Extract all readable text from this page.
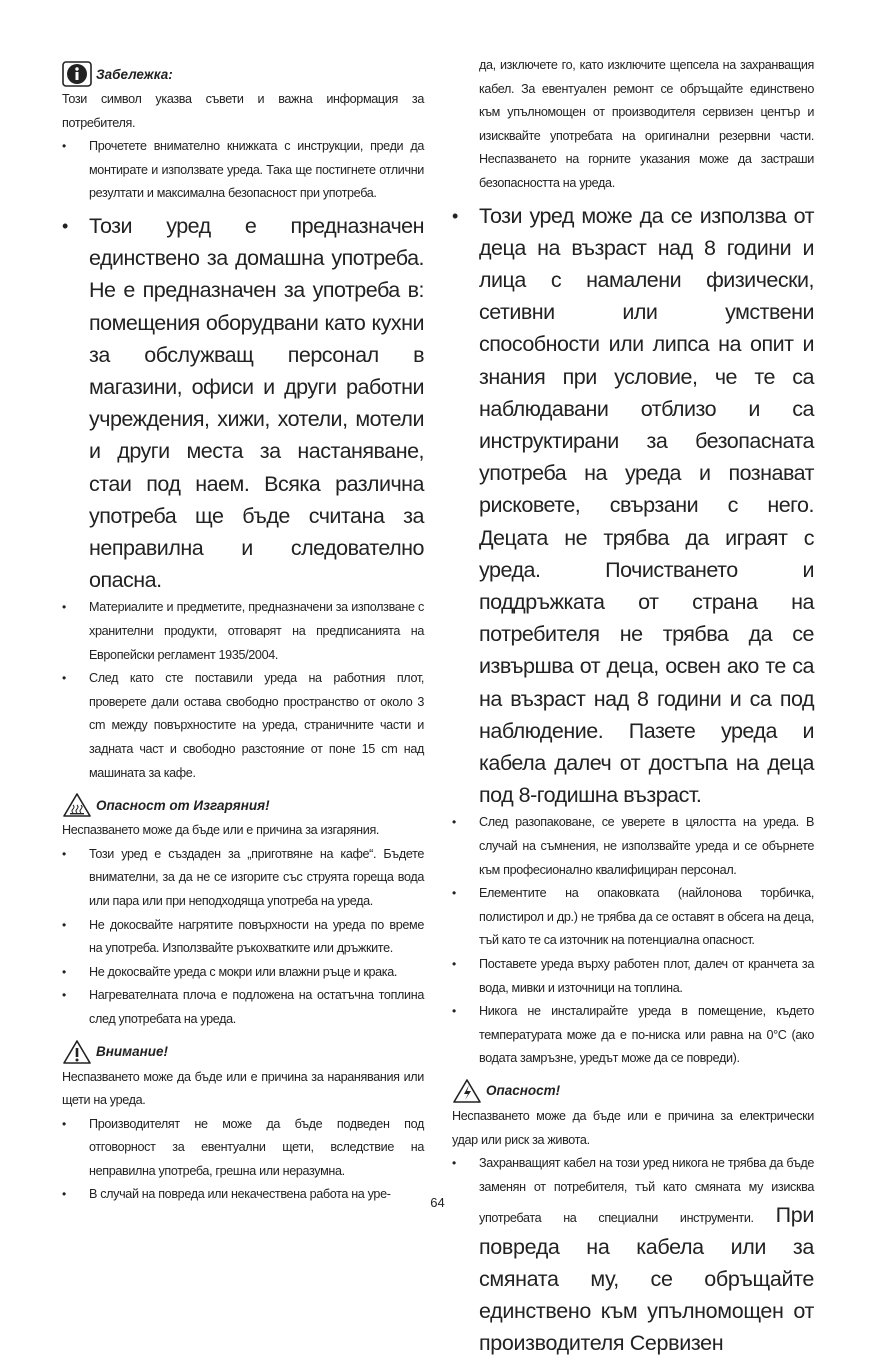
Забележка:

Този символ указва съвети и важна информация за потребителя.

• Прочетете внимателно книжката с инструкции, преди да монтирате и използвате уреда. Така ще постигнете отлични резултати и максимална безопасност при употреба.
• Този уред е предназначен единствено за домашна употреба. Не е предназначен за употреба в: помещения оборудвани като кухни за обслужващ персонал в магазини, офиси и други работни учреждения, хижи, хотели, мотели и други места за настаняване, стаи под наем. Всяка различна употреба ще бъде считана за неправилна и следователно опасна.
• Материалите и предметите, предназначени за използване с хранителни продукти, отговарят на предписанията на Европейски регламент 1935/2004.
• След като сте поставили уреда на работния плот, проверете дали остава свободно пространство от около 3 cm между повърхностите на уреда, страничните части и задната част и свободно разстояние от поне 15 cm над машината за кафе.
Опасност от Изгаряния!

Неспазването може да бъде или е причина за изгаряния.

• Този уред е създаден за „приготвяне на кафе“. Бъдете внимателни, за да не се изгорите със струята гореща вода или пара или при неподходяща употреба на уреда.
• Не докосвайте нагрятите повърхности на уреда по време на употреба. Използвайте ръкохватките или дръжките.
• Не докосвайте уреда с мокри или влажни ръце и крака.
• Нагревателната плоча е подложена на остатъчна топлина след употребата на уреда.
Внимание!

Неспазването може да бъде или е причина за наранявания или щети на уреда.

• Производителят не може да бъде подведен под отговорност за евентуални щети, вследствие на неправилна употреба, грешна или неразумна.
• В случай на повреда или некачествена работа на уре-

да, изключете го, като изключите щепсела на захранващия кабел. За евентуален ремонт се обръщайте единствено към упълномощен от производителя сервизен център и изисквайте употребата на оригинални резервни части. Неспазването на горните указания може да застраши безопасността на уреда.

• Този уред може да се използва от деца на възраст над 8 години и лица с намалени физически, сетивни или умствени способности или липса на опит и знания при условие, че те са наблюдавани отблизо и са инструктирани за безопасната употреба на уреда и познават рисковете, свързани с него. Децата не трябва да играят с уреда. Почистването и поддръжката от страна на потребителя не трябва да се извършва от деца, освен ако те са на възраст над 8 години и са под наблюдение. Пазете уреда и кабела далеч от достъпа на деца под 8-годишна възраст.
• След разопаковане, се уверете в цялостта на уреда. В случай на съмнения, не използвайте уреда и се обърнете към професионално квалифициран персонал.
• Елементите на опаковката (найлонова торбичка, полистирол и др.) не трябва да се оставят в обсега на деца, тъй като те са източник на потенциална опасност.
• Поставете уреда върху работен плот, далеч от кранчета за вода, мивки и източници на топлина.
• Никога не инсталирайте уреда в помещение, където температурата може да е по-ниска или равна на 0°C (ако водата замръзне, уредът може да се повреди).
Опасност!

Неспазването може да бъде или е причина за електрически удар или риск за живота.

• Захранващият кабел на този уред никога не трябва да бъде заменян от потребителя, тъй като смяната му изисква употребата на специални инструменти. При повреда на кабела или за смяната му, се обръщайте единствено към упълномощен от производителя Сервизен
64
